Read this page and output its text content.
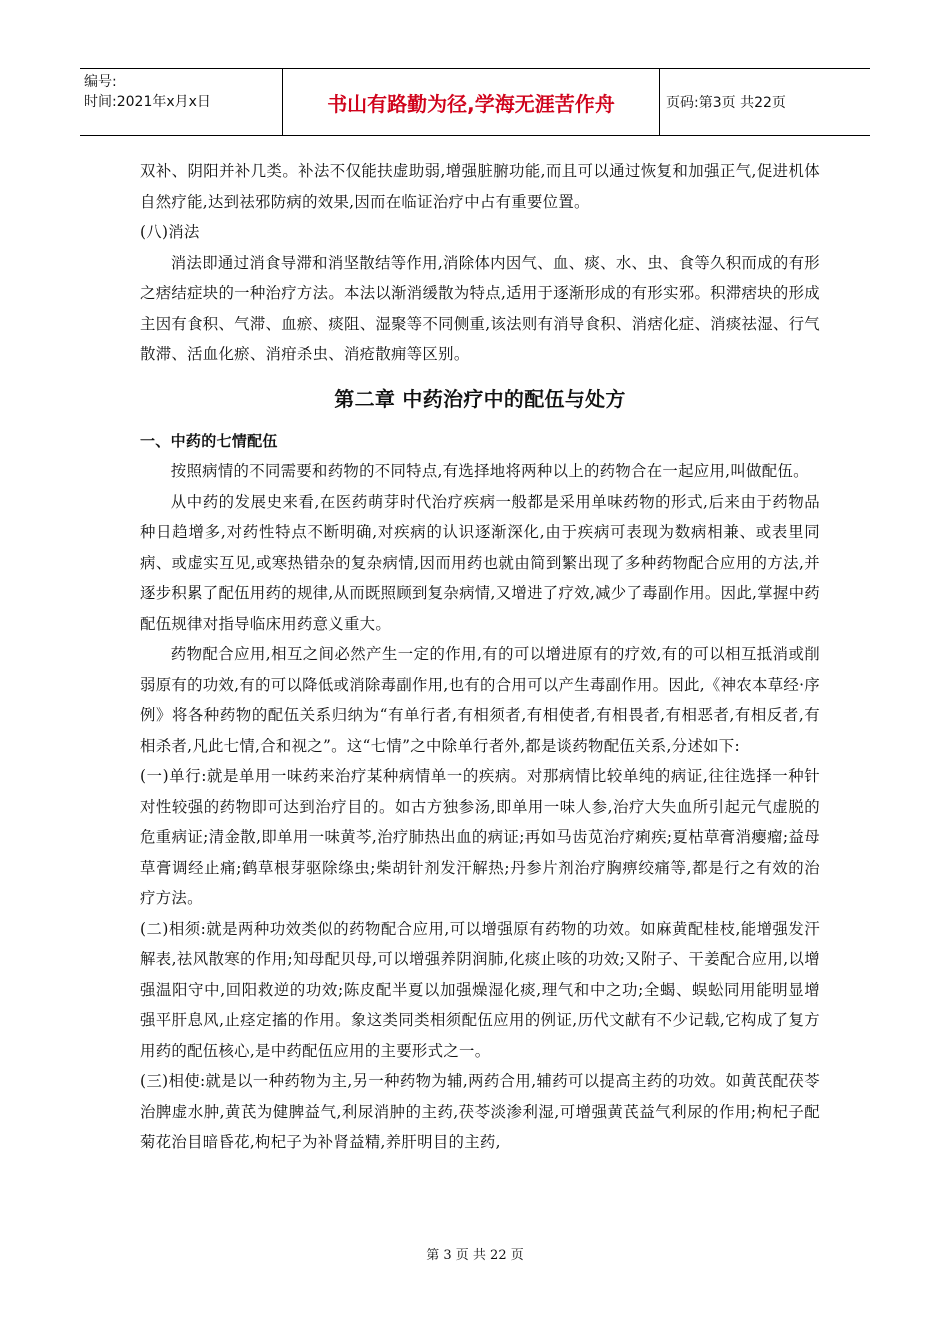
编号:
时间:2021年x月x日	书山有路勤为径,学海无涯苦作舟	页码:第3页 共22页

双补、阴阳并补几类。补法不仅能扶虚助弱,增强脏腑功能,而且可以通过恢复和加强正气,促进机体自然疗能,达到祛邪防病的效果,因而在临证治疗中占有重要位置。

(八)消法

消法即通过消食导滞和消坚散结等作用,消除体内因气、血、痰、水、虫、食等久积而成的有形之痞结症块的一种治疗方法。本法以渐消缓散为特点,适用于逐渐形成的有形实邪。积滞痞块的形成主因有食积、气滞、血瘀、痰阻、湿聚等不同侧重,该法则有消导食积、消痞化症、消痰祛湿、行气散滞、活血化瘀、消疳杀虫、消疮散痈等区别。

第二章 中药治疗中的配伍与处方

一、中药的七情配伍

按照病情的不同需要和药物的不同特点,有选择地将两种以上的药物合在一起应用,叫做配伍。

从中药的发展史来看,在医药萌芽时代治疗疾病一般都是采用单味药物的形式,后来由于药物品种日趋增多,对药性特点不断明确,对疾病的认识逐渐深化,由于疾病可表现为数病相兼、或表里同病、或虚实互见,或寒热错杂的复杂病情,因而用药也就由简到繁出现了多种药物配合应用的方法,并逐步积累了配伍用药的规律,从而既照顾到复杂病情,又增进了疗效,减少了毒副作用。因此,掌握中药配伍规律对指导临床用药意义重大。

药物配合应用,相互之间必然产生一定的作用,有的可以增进原有的疗效,有的可以相互抵消或削弱原有的功效,有的可以降低或消除毒副作用,也有的合用可以产生毒副作用。因此,《神农本草经·序例》将各种药物的配伍关系归纳为“有单行者,有相须者,有相使者,有相畏者,有相恶者,有相反者,有相杀者,凡此七情,合和视之”。这“七情”之中除单行者外,都是谈药物配伍关系,分述如下:

(一)单行:就是单用一味药来治疗某种病情单一的疾病。对那病情比较单纯的病证,往往选择一种针对性较强的药物即可达到治疗目的。如古方独参汤,即单用一味人参,治疗大失血所引起元气虚脱的危重病证;清金散,即单用一味黄芩,治疗肺热出血的病证;再如马齿苋治疗痢疾;夏枯草膏消瘿瘤;益母草膏调经止痛;鹤草根芽驱除绦虫;柴胡针剂发汗解热;丹参片剂治疗胸痹绞痛等,都是行之有效的治疗方法。

(二)相须:就是两种功效类似的药物配合应用,可以增强原有药物的功效。如麻黄配桂枝,能增强发汗解表,祛风散寒的作用;知母配贝母,可以增强养阴润肺,化痰止咳的功效;又附子、干姜配合应用,以增强温阳守中,回阳救逆的功效;陈皮配半夏以加强燥湿化痰,理气和中之功;全蝎、蜈蚣同用能明显增强平肝息风,止痉定搐的作用。象这类同类相须配伍应用的例证,历代文献有不少记载,它构成了复方用药的配伍核心,是中药配伍应用的主要形式之一。

(三)相使:就是以一种药物为主,另一种药物为辅,两药合用,辅药可以提高主药的功效。如黄芪配茯苓治脾虚水肿,黄芪为健脾益气,利尿消肿的主药,茯苓淡渗利湿,可增强黄芪益气利尿的作用;枸杞子配菊花治目暗昏花,枸杞子为补肾益精,养肝明目的主药,

第 3 页 共 22 页
